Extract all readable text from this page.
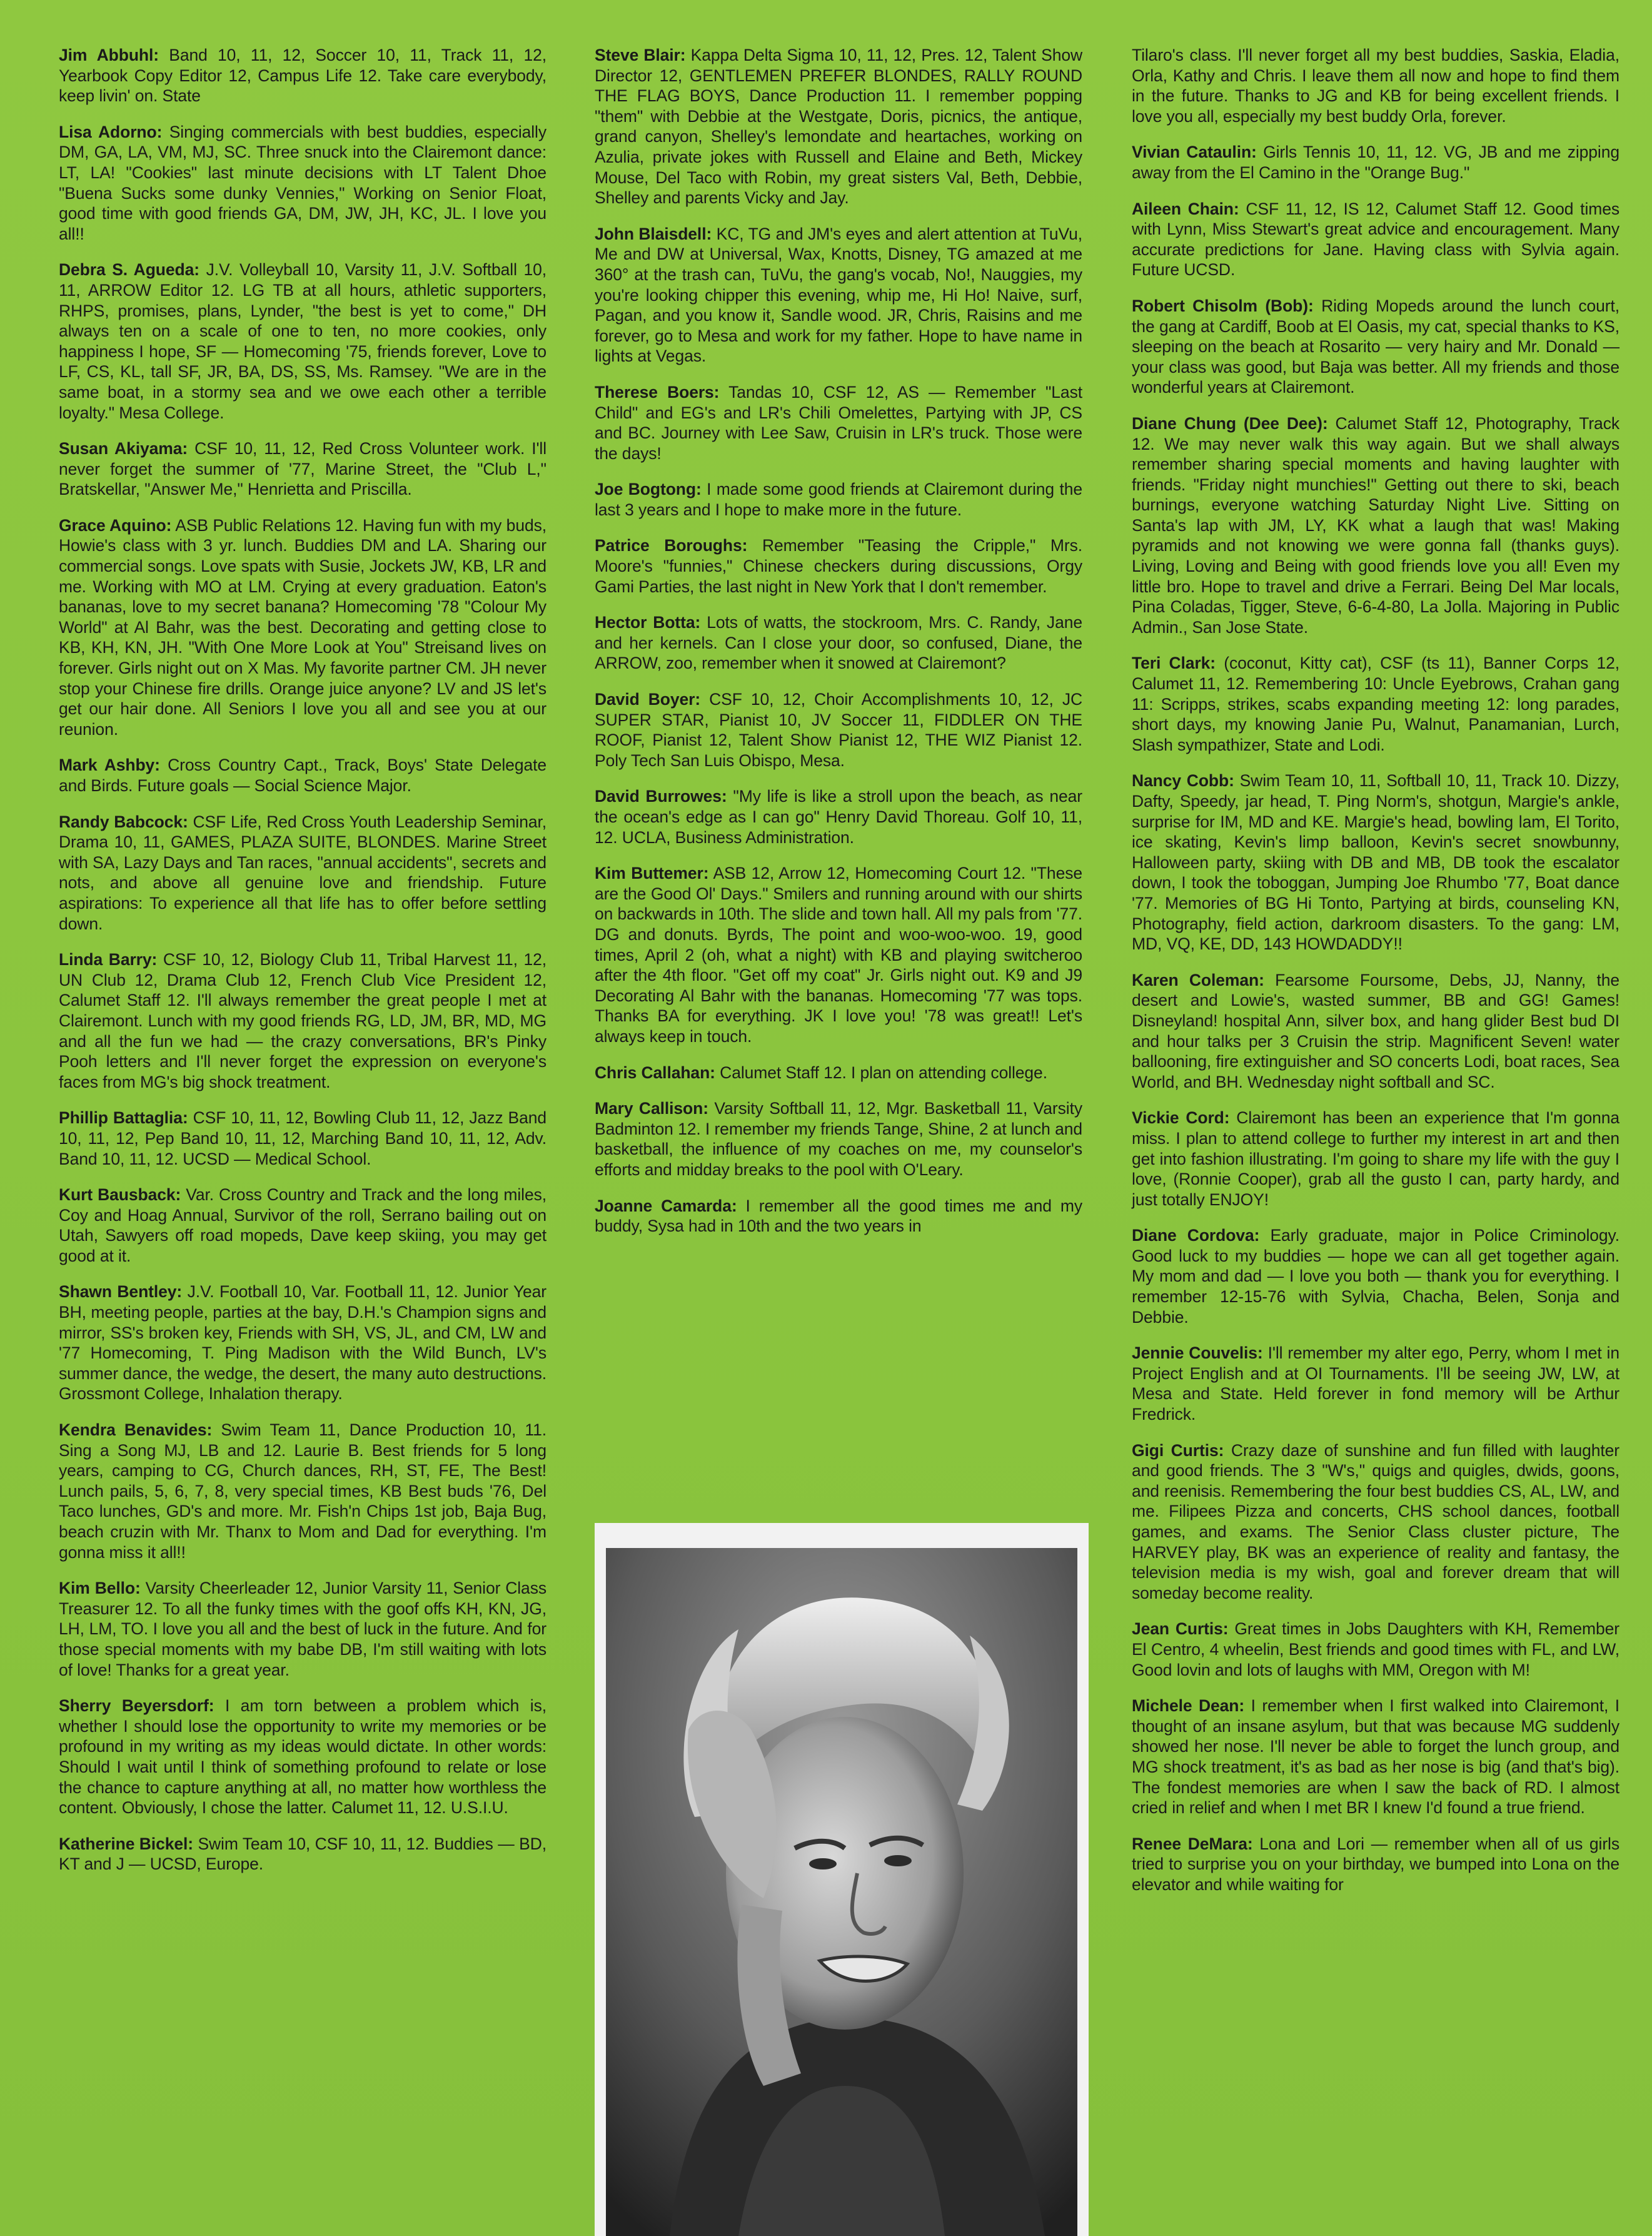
Jim Abbuhl: Band 10, 11, 12, Soccer 10, 11, Track 11, 12, Yearbook Copy Editor 12, Campus Life 12. Take care everybody, keep livin' on. State

Lisa Adorno: Singing commercials with best buddies, especially DM, GA, LA, VM, MJ, SC. Three snuck into the Clairemont dance: LT, LA! "Cookies" last minute decisions with LT Talent Dhoe "Buena Sucks some dunky Vennies," Working on Senior Float, good time with good friends GA, DM, JW, JH, KC, JL. I love you all!!

Debra S. Agueda: J.V. Volleyball 10, Varsity 11, J.V. Softball 10, 11, ARROW Editor 12. LG TB at all hours, athletic supporters, RHPS, promises, plans, Lynder, "the best is yet to come," DH always ten on a scale of one to ten, no more cookies, only happiness I hope, SF — Homecoming '75, friends forever, Love to LF, CS, KL, tall SF, JR, BA, DS, SS, Ms. Ramsey. "We are in the same boat, in a stormy sea and we owe each other a terrible loyalty." Mesa College.

Susan Akiyama: CSF 10, 11, 12, Red Cross Volunteer work. I'll never forget the summer of '77, Marine Street, the "Club L," Bratskellar, "Answer Me," Henrietta and Priscilla.

Grace Aquino: ASB Public Relations 12. Having fun with my buds, Howie's class with 3 yr. lunch. Buddies DM and LA. Sharing our commercial songs. Love spats with Susie, Jockets JW, KB, LR and me. Working with MO at LM. Crying at every graduation. Eaton's bananas, love to my secret banana? Homecoming '78 "Colour My World" at Al Bahr, was the best. Decorating and getting close to KB, KH, KN, JH. "With One More Look at You" Streisand lives on forever. Girls night out on X Mas. My favorite partner CM. JH never stop your Chinese fire drills. Orange juice anyone? LV and JS let's get our hair done. All Seniors I love you all and see you at our reunion.

Mark Ashby: Cross Country Capt., Track, Boys' State Delegate and Birds. Future goals — Social Science Major.

Randy Babcock: CSF Life, Red Cross Youth Leadership Seminar, Drama 10, 11, GAMES, PLAZA SUITE, BLONDES. Marine Street with SA, Lazy Days and Tan races, "annual accidents", secrets and nots, and above all genuine love and friendship. Future aspirations: To experience all that life has to offer before settling down.

Linda Barry: CSF 10, 12, Biology Club 11, Tribal Harvest 11, 12, UN Club 12, Drama Club 12, French Club Vice President 12, Calumet Staff 12. I'll always remember the great people I met at Clairemont. Lunch with my good friends RG, LD, JM, BR, MD, MG and all the fun we had — the crazy conversations, BR's Pinky Pooh letters and I'll never forget the expression on everyone's faces from MG's big shock treatment.

Phillip Battaglia: CSF 10, 11, 12, Bowling Club 11, 12, Jazz Band 10, 11, 12, Pep Band 10, 11, 12, Marching Band 10, 11, 12, Adv. Band 10, 11, 12. UCSD — Medical School.

Kurt Bausback: Var. Cross Country and Track and the long miles, Coy and Hoag Annual, Survivor of the roll, Serrano bailing out on Utah, Sawyers off road mopeds, Dave keep skiing, you may get good at it.

Shawn Bentley: J.V. Football 10, Var. Football 11, 12. Junior Year BH, meeting people, parties at the bay, D.H.'s Champion signs and mirror, SS's broken key, Friends with SH, VS, JL, and CM, LW and '77 Homecoming, T. Ping Madison with the Wild Bunch, LV's summer dance, the wedge, the desert, the many auto destructions. Grossmont College, Inhalation therapy.

Kendra Benavides: Swim Team 11, Dance Production 10, 11. Sing a Song MJ, LB and 12. Laurie B. Best friends for 5 long years, camping to CG, Church dances, RH, ST, FE, The Best! Lunch pails, 5, 6, 7, 8, very special times, KB Best buds '76, Del Taco lunches, GD's and more. Mr. Fish'n Chips 1st job, Baja Bug, beach cruzin with Mr. Thanx to Mom and Dad for everything. I'm gonna miss it all!!

Kim Bello: Varsity Cheerleader 12, Junior Varsity 11, Senior Class Treasurer 12. To all the funky times with the goof offs KH, KN, JG, LH, LM, TO. I love you all and the best of luck in the future. And for those special moments with my babe DB, I'm still waiting with lots of love! Thanks for a great year.

Sherry Beyersdorf: I am torn between a problem which is, whether I should lose the opportunity to write my memories or be profound in my writing as my ideas would dictate. In other words: Should I wait until I think of something profound to relate or lose the chance to capture anything at all, no matter how worthless the content. Obviously, I chose the latter. Calumet 11, 12. U.S.I.U.

Katherine Bickel: Swim Team 10, CSF 10, 11, 12. Buddies — BD, KT and J — UCSD, Europe.

Steve Blair: Kappa Delta Sigma 10, 11, 12, Pres. 12, Talent Show Director 12, GENTLEMEN PREFER BLONDES, RALLY ROUND THE FLAG BOYS, Dance Production 11. I remember popping "them" with Debbie at the Westgate, Doris, picnics, the antique, grand canyon, Shelley's lemondate and heartaches, working on Azulia, private jokes with Russell and Elaine and Beth, Mickey Mouse, Del Taco with Robin, my great sisters Val, Beth, Debbie, Shelley and parents Vicky and Jay.

John Blaisdell: KC, TG and JM's eyes and alert attention at TuVu, Me and DW at Universal, Wax, Knotts, Disney, TG amazed at me 360° at the trash can, TuVu, the gang's vocab, No!, Nauggies, my you're looking chipper this evening, whip me, Hi Ho! Naive, surf, Pagan, and you know it, Sandle wood. JR, Chris, Raisins and me forever, go to Mesa and work for my father. Hope to have name in lights at Vegas.

Therese Boers: Tandas 10, CSF 12, AS — Remember "Last Child" and EG's and LR's Chili Omelettes, Partying with JP, CS and BC. Journey with Lee Saw, Cruisin in LR's truck. Those were the days!

Joe Bogtong: I made some good friends at Clairemont during the last 3 years and I hope to make more in the future.

Patrice Boroughs: Remember "Teasing the Cripple," Mrs. Moore's "funnies," Chinese checkers during discussions, Orgy Gami Parties, the last night in New York that I don't remember.

Hector Botta: Lots of watts, the stockroom, Mrs. C. Randy, Jane and her kernels. Can I close your door, so confused, Diane, the ARROW, zoo, remember when it snowed at Clairemont?

David Boyer: CSF 10, 12, Choir Accomplishments 10, 12, JC SUPER STAR, Pianist 10, JV Soccer 11, FIDDLER ON THE ROOF, Pianist 12, Talent Show Pianist 12, THE WIZ Pianist 12. Poly Tech San Luis Obispo, Mesa.

David Burrowes: "My life is like a stroll upon the beach, as near the ocean's edge as I can go" Henry David Thoreau. Golf 10, 11, 12. UCLA, Business Administration.

Kim Buttemer: ASB 12, Arrow 12, Homecoming Court 12. "These are the Good Ol' Days." Smilers and running around with our shirts on backwards in 10th. The slide and town hall. All my pals from '77. DG and donuts. Byrds, The point and woo-woo-woo. 19, good times, April 2 (oh, what a night) with KB and playing switcheroo after the 4th floor. "Get off my coat" Jr. Girls night out. K9 and J9 Decorating Al Bahr with the bananas. Homecoming '77 was tops. Thanks BA for everything. JK I love you! '78 was great!! Let's always keep in touch.

Chris Callahan: Calumet Staff 12. I plan on attending college.

Mary Callison: Varsity Softball 11, 12, Mgr. Basketball 11, Varsity Badminton 12. I remember my friends Tange, Shine, 2 at lunch and basketball, the influence of my coaches on me, my counselor's efforts and midday breaks to the pool with O'Leary.

Joanne Camarda: I remember all the good times me and my buddy, Sysa had in 10th and the two years in

Tilaro's class. I'll never forget all my best buddies, Saskia, Eladia, Orla, Kathy and Chris. I leave them all now and hope to find them in the future. Thanks to JG and KB for being excellent friends. I love you all, especially my best buddy Orla, forever.

Vivian Cataulin: Girls Tennis 10, 11, 12. VG, JB and me zipping away from the El Camino in the "Orange Bug."

Aileen Chain: CSF 11, 12, IS 12, Calumet Staff 12. Good times with Lynn, Miss Stewart's great advice and encouragement. Many accurate predictions for Jane. Having class with Sylvia again. Future UCSD.

Robert Chisolm (Bob): Riding Mopeds around the lunch court, the gang at Cardiff, Boob at El Oasis, my cat, special thanks to KS, sleeping on the beach at Rosarito — very hairy and Mr. Donald — your class was good, but Baja was better. All my friends and those wonderful years at Clairemont.

Diane Chung (Dee Dee): Calumet Staff 12, Photography, Track 12. We may never walk this way again. But we shall always remember sharing special moments and having laughter with friends. "Friday night munchies!" Getting out there to ski, beach burnings, everyone watching Saturday Night Live. Sitting on Santa's lap with JM, LY, KK what a laugh that was! Making pyramids and not knowing we were gonna fall (thanks guys). Living, Loving and Being with good friends love you all! Even my little bro. Hope to travel and drive a Ferrari. Being Del Mar locals, Pina Coladas, Tigger, Steve, 6-6-4-80, La Jolla. Majoring in Public Admin., San Jose State.

Teri Clark: (coconut, Kitty cat), CSF (ts 11), Banner Corps 12, Calumet 11, 12. Remembering 10: Uncle Eyebrows, Crahan gang 11: Scripps, strikes, scabs expanding meeting 12: long parades, short days, my knowing Janie Pu, Walnut, Panamanian, Lurch, Slash sympathizer, State and Lodi.

Nancy Cobb: Swim Team 10, 11, Softball 10, 11, Track 10. Dizzy, Dafty, Speedy, jar head, T. Ping Norm's, shotgun, Margie's ankle, surprise for IM, MD and KE. Margie's head, bowling lam, El Torito, ice skating, Kevin's limp balloon, Kevin's secret snowbunny, Halloween party, skiing with DB and MB, DB took the escalator down, I took the toboggan, Jumping Joe Rhumbo '77, Boat dance '77. Memories of BG Hi Tonto, Partying at birds, counseling KN, Photography, field action, darkroom disasters. To the gang: LM, MD, VQ, KE, DD, 143 HOWDADDY!!

Karen Coleman: Fearsome Foursome, Debs, JJ, Nanny, the desert and Lowie's, wasted summer, BB and GG! Games! Disneyland! hospital Ann, silver box, and hang glider Best bud DI and hour talks per 3 Cruisin the strip. Magnificent Seven! water ballooning, fire extinguisher and SO concerts Lodi, boat races, Sea World, and BH. Wednesday night softball and SC.

Vickie Cord: Clairemont has been an experience that I'm gonna miss. I plan to attend college to further my interest in art and then get into fashion illustrating. I'm going to share my life with the guy I love, (Ronnie Cooper), grab all the gusto I can, party hardy, and just totally ENJOY!

Diane Cordova: Early graduate, major in Police Criminology. Good luck to my buddies — hope we can all get together again. My mom and dad — I love you both — thank you for everything. I remember 12-15-76 with Sylvia, Chacha, Belen, Sonja and Debbie.

Jennie Couvelis: I'll remember my alter ego, Perry, whom I met in Project English and at OI Tournaments. I'll be seeing JW, LW, at Mesa and State. Held forever in fond memory will be Arthur Fredrick.

Gigi Curtis: Crazy daze of sunshine and fun filled with laughter and good friends. The 3 "W's," quigs and quigles, dwids, goons, and reenisis. Remembering the four best buddies CS, AL, LW, and me. Filipees Pizza and concerts, CHS school dances, football games, and exams. The Senior Class cluster picture, The HARVEY play, BK was an experience of reality and fantasy, the television media is my wish, goal and forever dream that will someday become reality.

Jean Curtis: Great times in Jobs Daughters with KH, Remember El Centro, 4 wheelin, Best friends and good times with FL, and LW, Good lovin and lots of laughs with MM, Oregon with M!

Michele Dean: I remember when I first walked into Clairemont, I thought of an insane asylum, but that was because MG suddenly showed her nose. I'll never be able to forget the lunch group, and MG shock treatment, it's as bad as her nose is big (and that's big). The fondest memories are when I saw the back of RD. I almost cried in relief and when I met BR I knew I'd found a true friend.

Renee DeMara: Lona and Lori — remember when all of us girls tried to surprise you on your birthday, we bumped into Lona on the elevator and while waiting for
